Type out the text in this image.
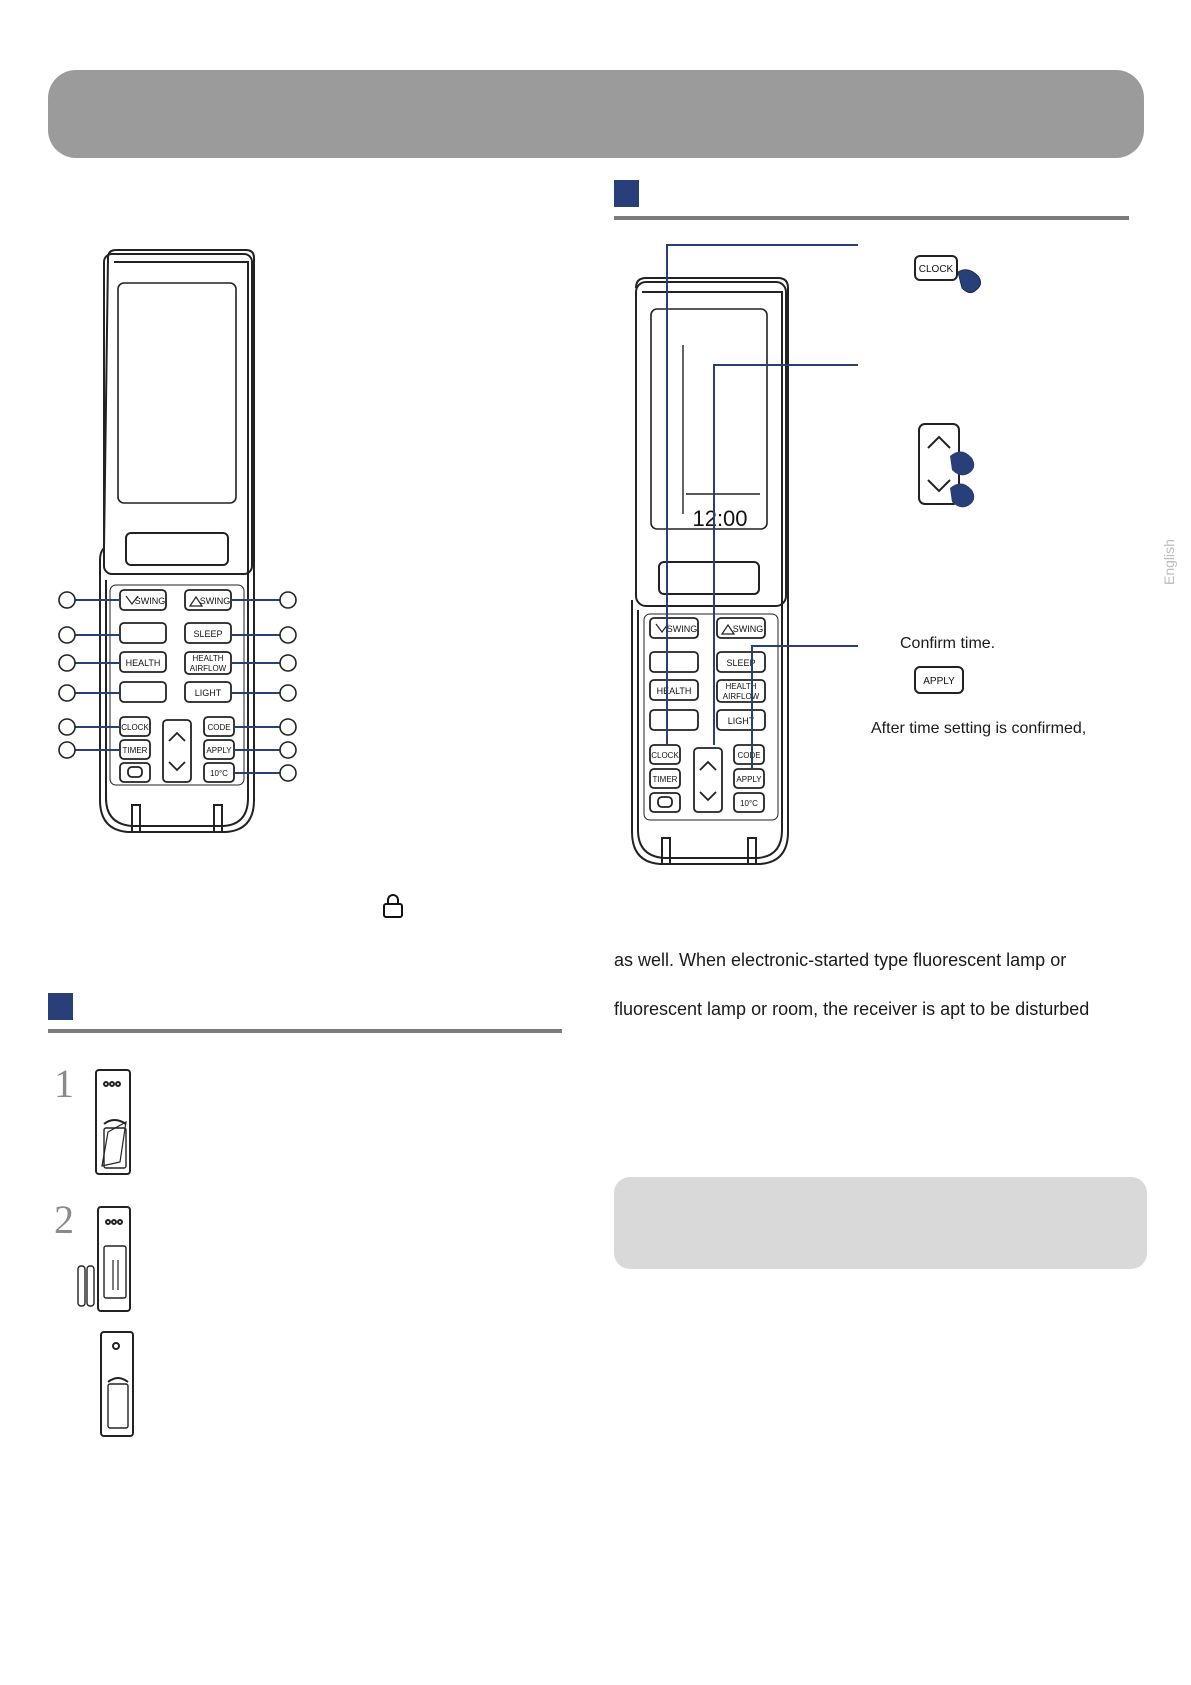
SWING	SWING
SLEEP
HEALTH	HEALTH
AIRFLOW
LIGHT
CLOCK	CODE
TIMER	APPLY
10°C
12:00
SWING	SWING
SLEEP
HEALTH	HEALTH
AIRFLOW
LIGHT
CLOCK	CODE
TIMER	APPLY
10°C
CLOCK
APPLY
Confirm time.
After time setting is confirmed,
English
as well. When electronic-started type fluorescent lamp or
fluorescent lamp or room, the receiver is apt to be disturbed
1
2
